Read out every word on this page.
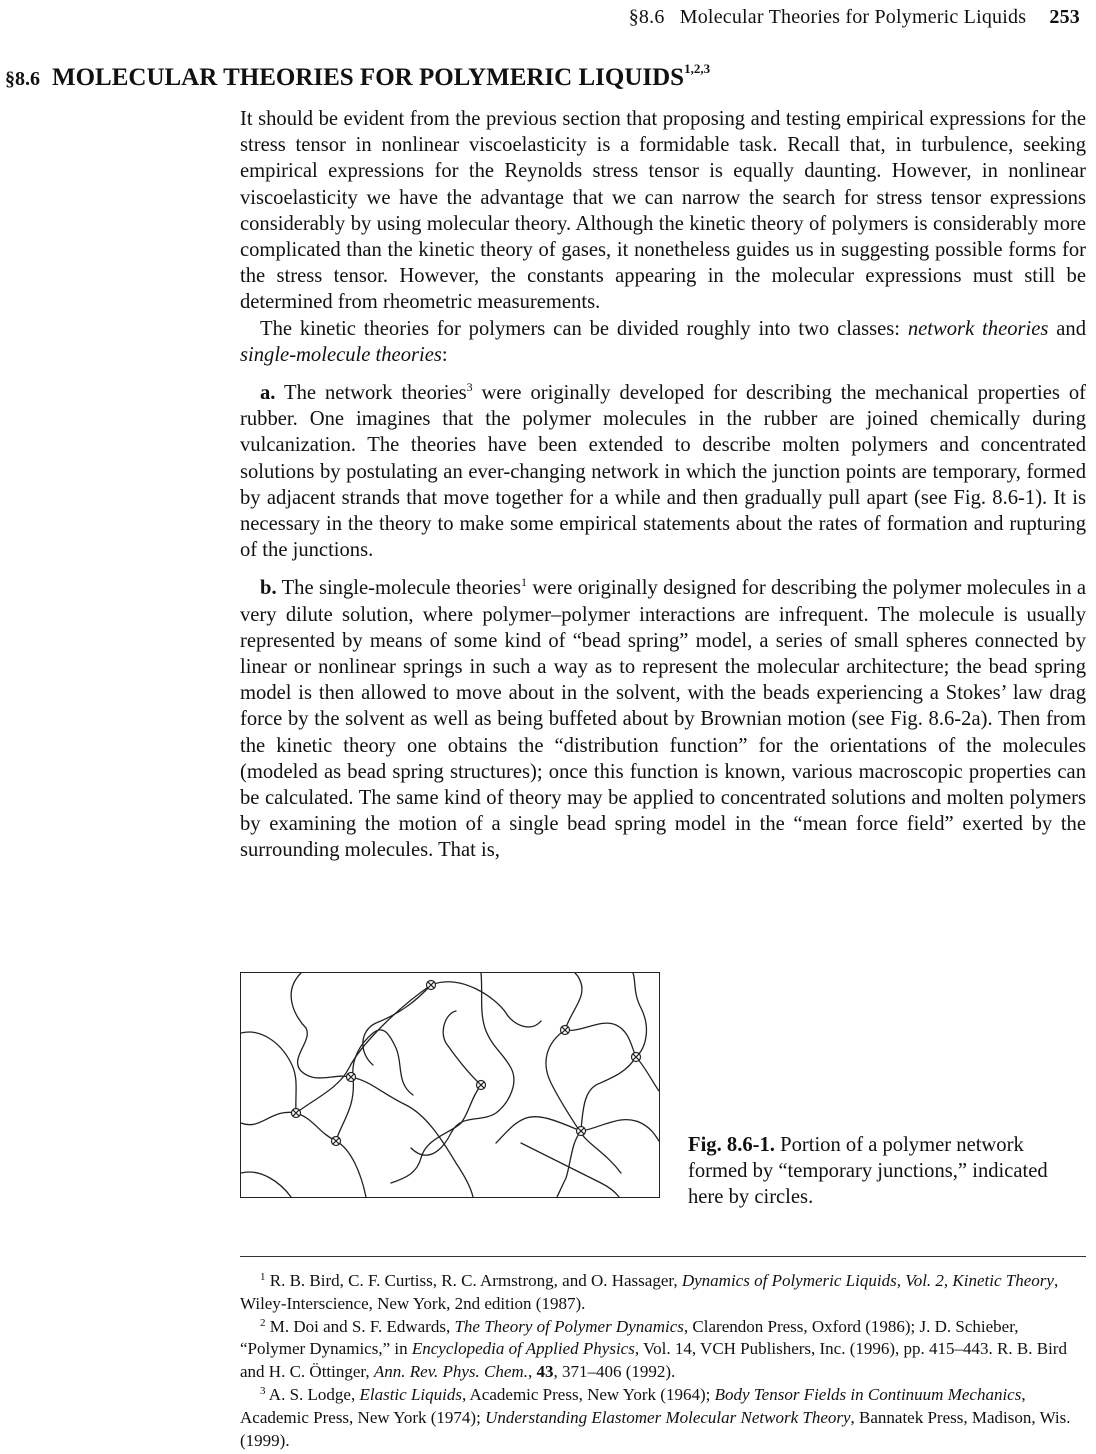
§8.6 Molecular Theories for Polymeric Liquids 253
§8.6 MOLECULAR THEORIES FOR POLYMERIC LIQUIDS$^{1,2,3}$

It should be evident from the previous section that proposing and testing empirical expressions for the stress tensor in nonlinear viscoelasticity is a formidable task. Recall that, in turbulence, seeking empirical expressions for the Reynolds stress tensor is equally daunting. However, in nonlinear viscoelasticity we have the advantage that we can narrow the search for stress tensor expressions considerably by using molecular theory. Although the kinetic theory of polymers is considerably more complicated than the kinetic theory of gases, it nonetheless guides us in suggesting possible forms for the stress tensor. However, the constants appearing in the molecular expressions must still be determined from rheometric measurements.

The kinetic theories for polymers can be divided roughly into two classes: network theories and single-molecule theories:

a. The network theories$^3$ were originally developed for describing the mechanical properties of rubber. One imagines that the polymer molecules in the rubber are joined chemically during vulcanization. The theories have been extended to describe molten polymers and concentrated solutions by postulating an ever-changing network in which the junction points are temporary, formed by adjacent strands that move together for a while and then gradually pull apart (see Fig. 8.6-1). It is necessary in the theory to make some empirical statements about the rates of formation and rupturing of the junctions.

b. The single-molecule theories$^1$ were originally designed for describing the polymer molecules in a very dilute solution, where polymer–polymer interactions are infrequent. The molecule is usually represented by means of some kind of “bead spring” model, a series of small spheres connected by linear or nonlinear springs in such a way as to represent the molecular architecture; the bead spring model is then allowed to move about in the solvent, with the beads experiencing a Stokes’ law drag force by the solvent as well as being buffeted about by Brownian motion (see Fig. 8.6-2a). Then from the kinetic theory one obtains the “distribution function” for the orientations of the molecules (modeled as bead spring structures); once this function is known, various macroscopic properties can be calculated. The same kind of theory may be applied to concentrated solutions and molten polymers by examining the motion of a single bead spring model in the “mean force field” exerted by the surrounding molecules. That is,

Fig. 8.6-1. Portion of a polymer network formed by “temporary junctions,” indicated here by circles.

$^1$ R. B. Bird, C. F. Curtiss, R. C. Armstrong, and O. Hassager, Dynamics of Polymeric Liquids, Vol. 2, Kinetic Theory, Wiley-Interscience, New York, 2nd edition (1987).

$^2$ M. Doi and S. F. Edwards, The Theory of Polymer Dynamics, Clarendon Press, Oxford (1986); J. D. Schieber, “Polymer Dynamics,” in Encyclopedia of Applied Physics, Vol. 14, VCH Publishers, Inc. (1996), pp. 415–443. R. B. Bird and H. C. Öttinger, Ann. Rev. Phys. Chem., 43, 371–406 (1992).

$^3$ A. S. Lodge, Elastic Liquids, Academic Press, New York (1964); Body Tensor Fields in Continuum Mechanics, Academic Press, New York (1974); Understanding Elastomer Molecular Network Theory, Bannatek Press, Madison, Wis. (1999).
